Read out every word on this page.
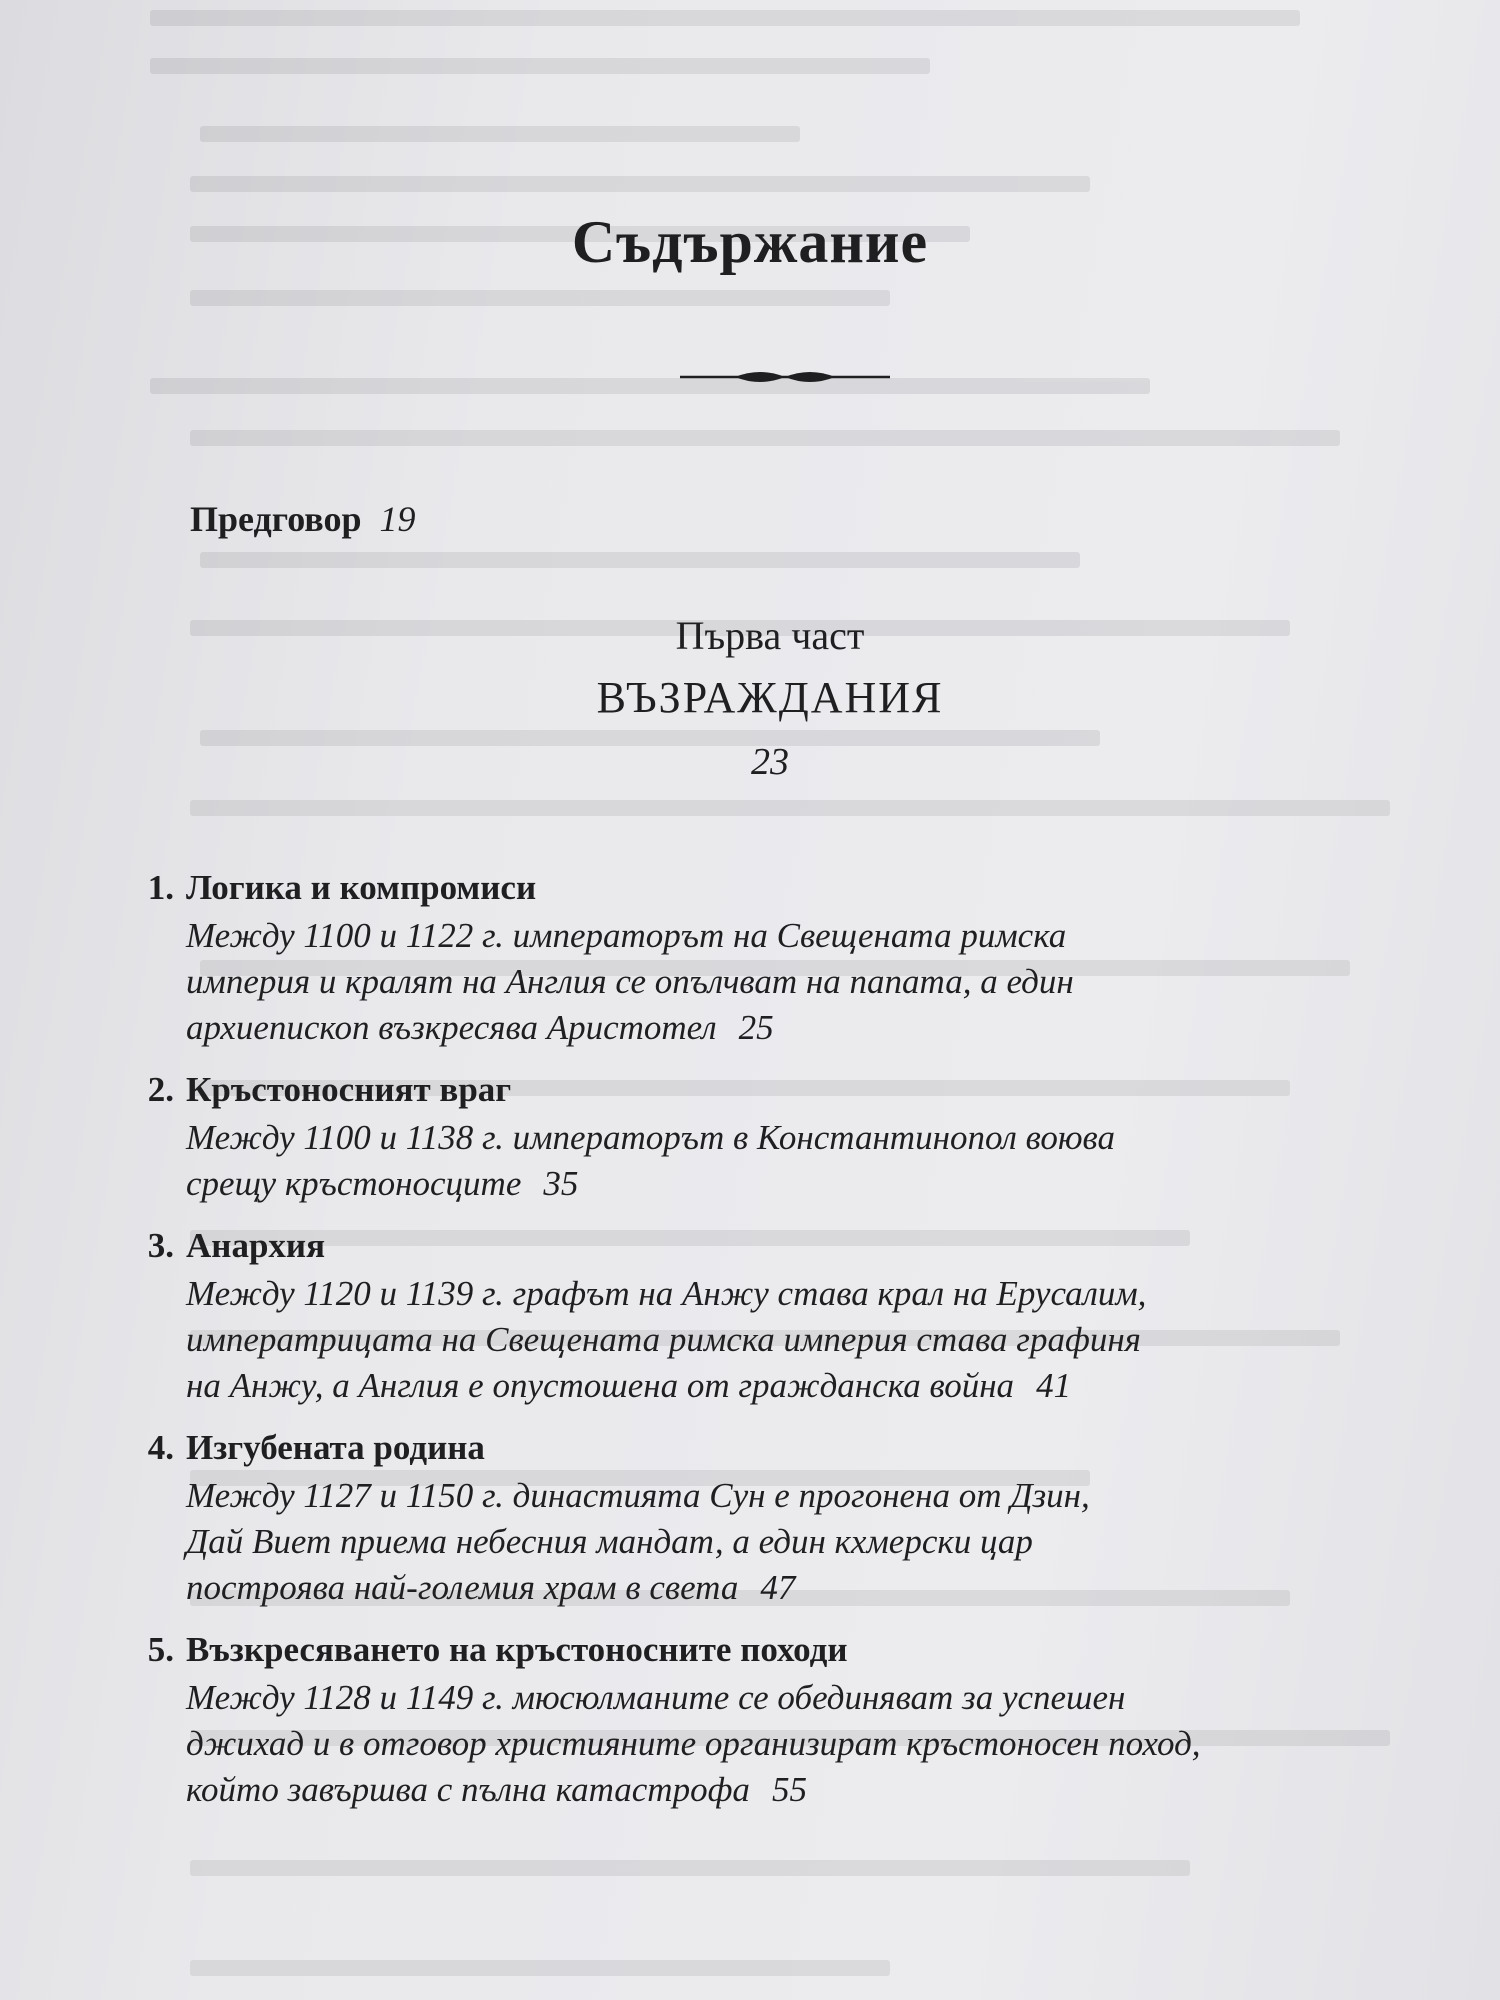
Съдържание
Предговор 19
Първа част
ВЪЗРАЖДАНИЯ
23
1. Логика и компромиси
Между 1100 и 1122 г. императорът на Свещената римска
империя и кралят на Англия се опълчват на папата, а един
архиепископ възкресява Аристотел 25
2. Кръстоносният враг
Между 1100 и 1138 г. императорът в Константинопол воюва
срещу кръстоносците 35
3. Анархия
Между 1120 и 1139 г. графът на Анжу става крал на Ерусалим,
императрицата на Свещената римска империя става графиня
на Анжу, а Англия е опустошена от гражданска война 41
4. Изгубената родина
Между 1127 и 1150 г. династията Сун е прогонена от Дзин,
Дай Виет приема небесния мандат, а един кхмерски цар
построява най-големия храм в света 47
5. Възкресяването на кръстоносните походи
Между 1128 и 1149 г. мюсюлманите се обединяват за успешен
джихад и в отговор християните организират кръстоносен поход,
който завършва с пълна катастрофа 55
